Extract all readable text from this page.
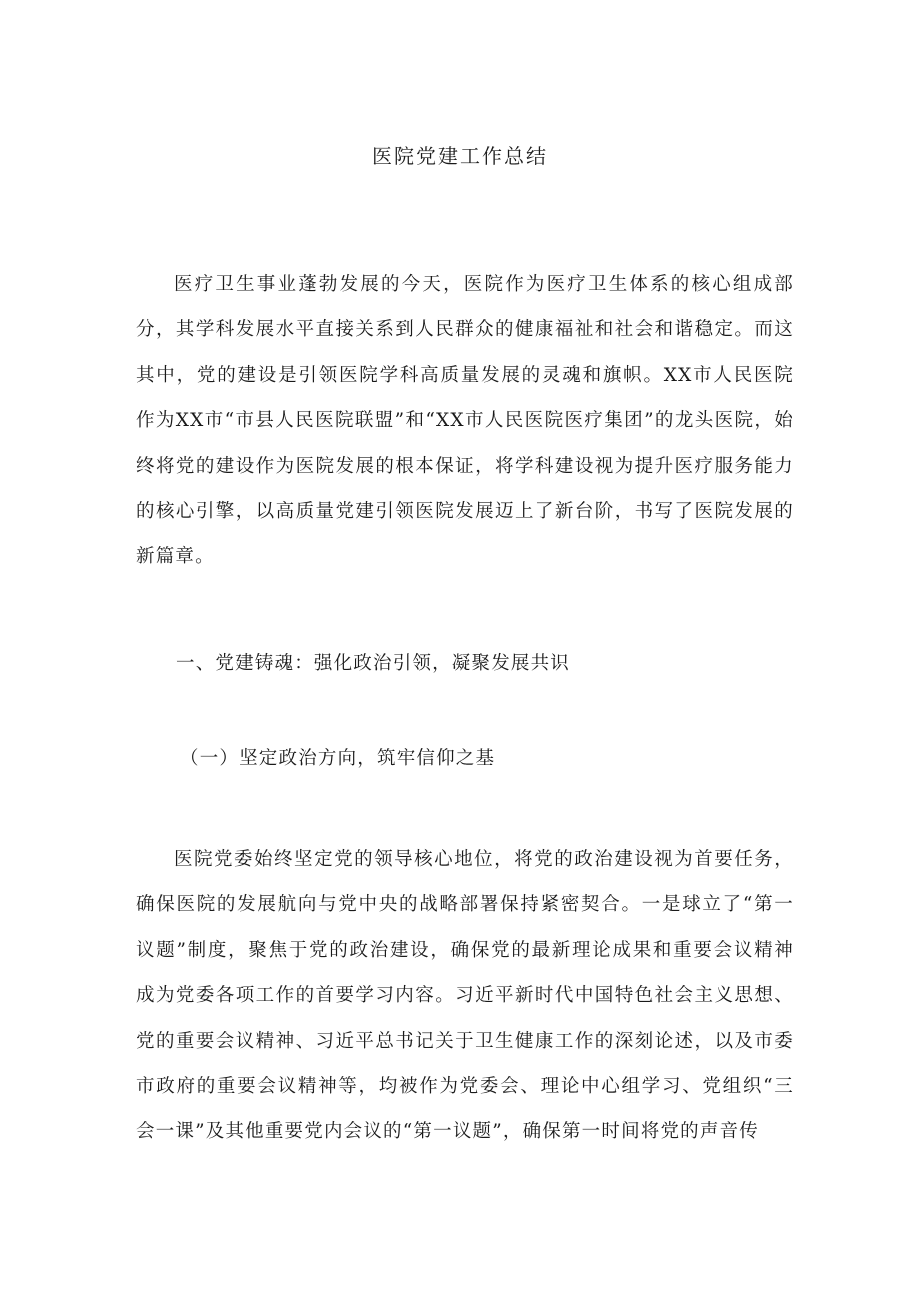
医院党建工作总结

医疗卫生事业蓬勃发展的今天，医院作为医疗卫生体系的核心组成部分，其学科发展水平直接关系到人民群众的健康福祉和社会和谐稳定。而这其中，党的建设是引领医院学科高质量发展的灵魂和旗帜。XX市人民医院作为XX市“市县人民医院联盟”和“XX市人民医院医疗集团”的龙头医院，始终将党的建设作为医院发展的根本保证，将学科建设视为提升医疗服务能力的核心引擎，以高质量党建引领医院发展迈上了新台阶，书写了医院发展的新篇章。

一、党建铸魂：强化政治引领，凝聚发展共识

（一）坚定政治方向，筑牢信仰之基

医院党委始终坚定党的领导核心地位，将党的政治建设视为首要任务，确保医院的发展航向与党中央的战略部署保持紧密契合。一是球立了“第一议题”制度，聚焦于党的政治建设，确保党的最新理论成果和重要会议精神成为党委各项工作的首要学习内容。习近平新时代中国特色社会主义思想、党的重要会议精神、习近平总书记关于卫生健康工作的深刻论述，以及市委市政府的重要会议精神等，均被作为党委会、理论中心组学习、党组织“三会一课”及其他重要党内会议的“第一议题”，确保第一时间将党的声音传
